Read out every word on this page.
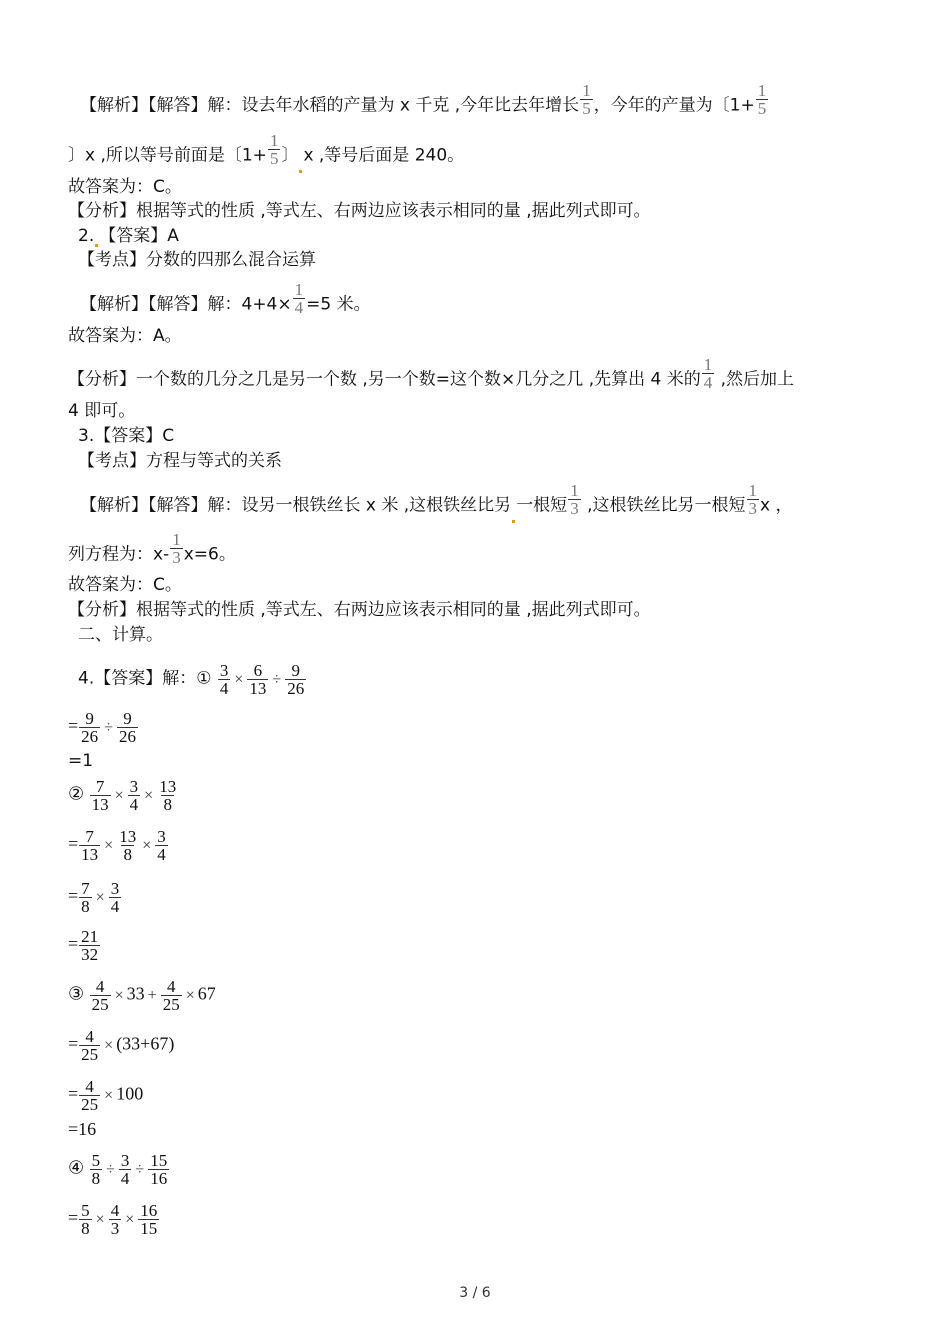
【解析】【解答】解：设去年水稻的产量为 x 千克 ,今年比去年增长 $\frac{1}{5}$ ，今年的产量为〔$1+ \frac{1}{5}$
〕x ,所以等号前面是〔$1+ \frac{1}{5}$ 〕 x ,等号后面是 240。
故答案为：C。
【分析】根据等式的性质 ,等式左、右两边应该表示相同的量 ,据此列式即可。
2. 【答案】A
【考点】分数的四那么混合运算
【解析】【解答】解：$4+4\times \frac{1}{4} =5$ 米。
故答案为：A。
【分析】一个数的几分之几是另一个数 ,另一个数=这个数×几分之几 ,先算出 4 米的 $\frac{1}{4}$ ,然后加上
4 即可。
3.【答案】C
【考点】方程与等式的关系
【解析】【解答】解：设另一根铁丝长 x 米 ,这根铁丝比另 一根短 $\frac{1}{3}$ ,这根铁丝比另一根短 $\frac{1}{3}$ x ，
列方程为：$x- \frac{1}{3} x=6$。
故答案为：C。
【分析】根据等式的性质 ,等式左、右两边应该表示相同的量 ,据此列式即可。
二、计算。
4.【答案】解：① $\frac{3}{4} \times \frac{6}{13} \div \frac{9}{26}$
= $\frac{9}{26} \div \frac{9}{26}$
=1
② $\frac{7}{13} \times \frac{3}{4} \times \frac{13}{8}$
= $\frac{7}{13} \times \frac{13}{8} \times \frac{3}{4}$
= $\frac{7}{8} \times \frac{3}{4}$
= $\frac{21}{32}$
③ $\frac{4}{25} \times 33 + \frac{4}{25} \times 67$
= $\frac{4}{25} \times (33+67)$
= $\frac{4}{25} \times 100$
=16
④ $\frac{5}{8} \div \frac{3}{4} \div \frac{15}{16}$
= $\frac{5}{8} \times \frac{4}{3} \times \frac{16}{15}$
3 / 6
